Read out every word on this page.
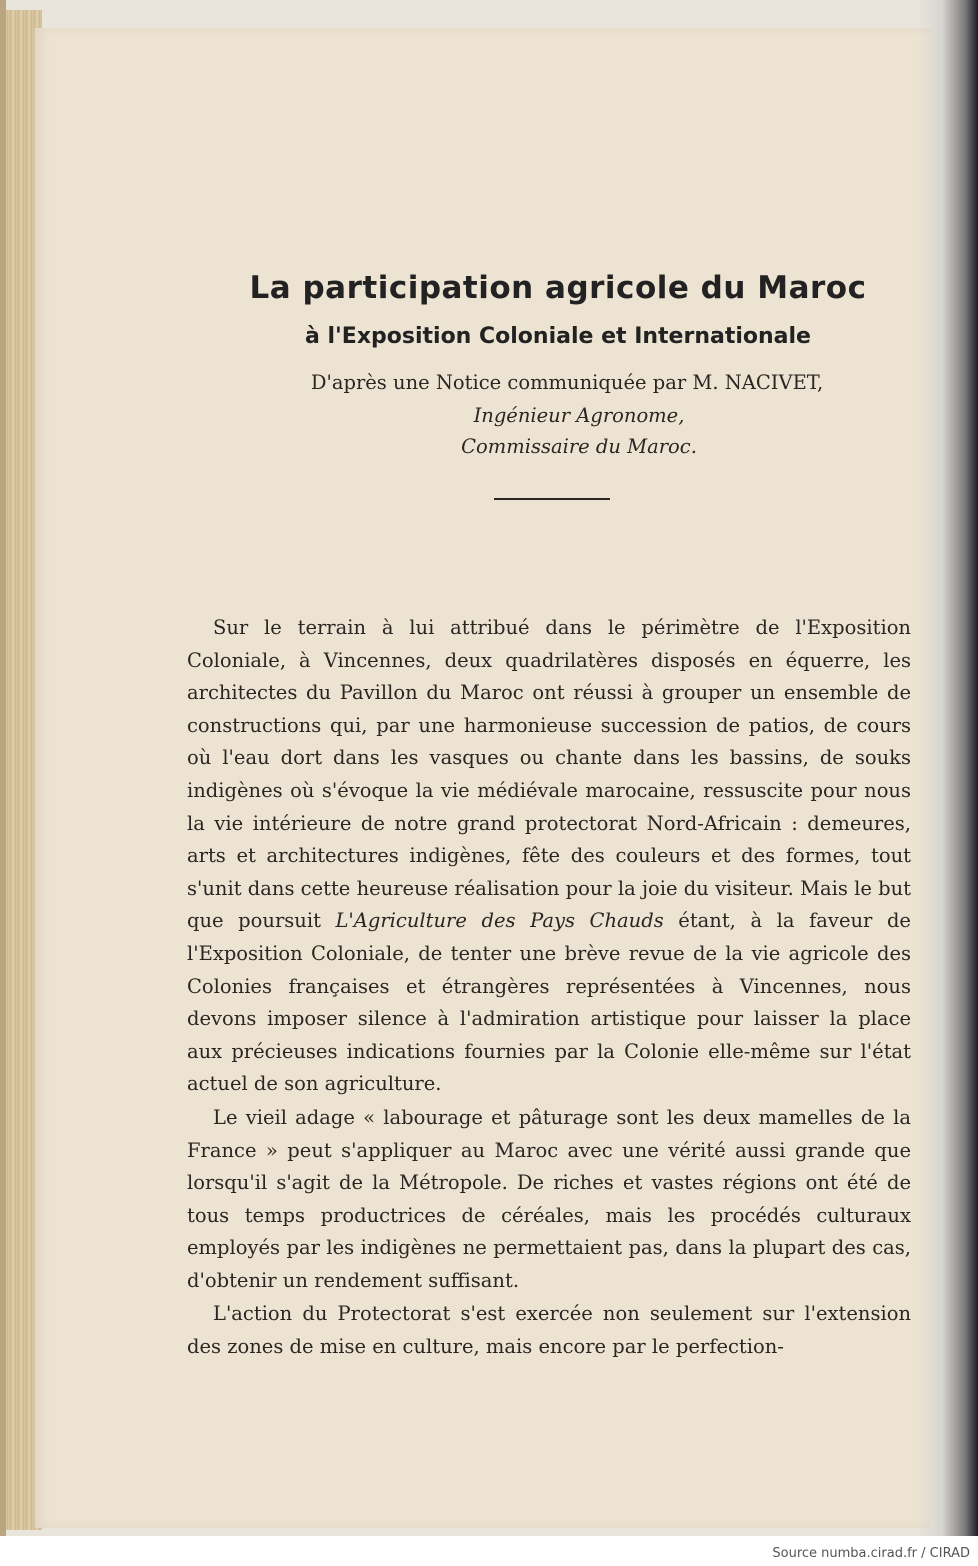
La participation agricole du Maroc
à l'Exposition Coloniale et Internationale

D'après une Notice communiquée par M. NACIVET,

Ingénieur Agronome,

Commissaire du Maroc.

Sur le terrain à lui attribué dans le périmètre de l'Exposition Coloniale, à Vincennes, deux quadrilatères disposés en équerre, les architectes du Pavillon du Maroc ont réussi à grouper un ensemble de constructions qui, par une harmonieuse succession de patios, de cours où l'eau dort dans les vasques ou chante dans les bassins, de souks indigènes où s'évoque la vie médiévale marocaine, ressuscite pour nous la vie intérieure de notre grand protectorat Nord-Africain : demeures, arts et architectures indigènes, fête des couleurs et des formes, tout s'unit dans cette heureuse réalisation pour la joie du visiteur. Mais le but que poursuit L'Agriculture des Pays Chauds étant, à la faveur de l'Exposition Coloniale, de tenter une brève revue de la vie agricole des Colonies françaises et étrangères représentées à Vincennes, nous devons imposer silence à l'admiration artistique pour laisser la place aux précieuses indications fournies par la Colonie elle-même sur l'état actuel de son agriculture.

Le vieil adage « labourage et pâturage sont les deux mamelles de la France » peut s'appliquer au Maroc avec une vérité aussi grande que lorsqu'il s'agit de la Métropole. De riches et vastes régions ont été de tous temps productrices de céréales, mais les procédés culturaux employés par les indigènes ne permettaient pas, dans la plupart des cas, d'obtenir un rendement suffisant.

L'action du Protectorat s'est exercée non seulement sur l'extension des zones de mise en culture, mais encore par le perfection-

Source numba.cirad.fr / CIRAD
